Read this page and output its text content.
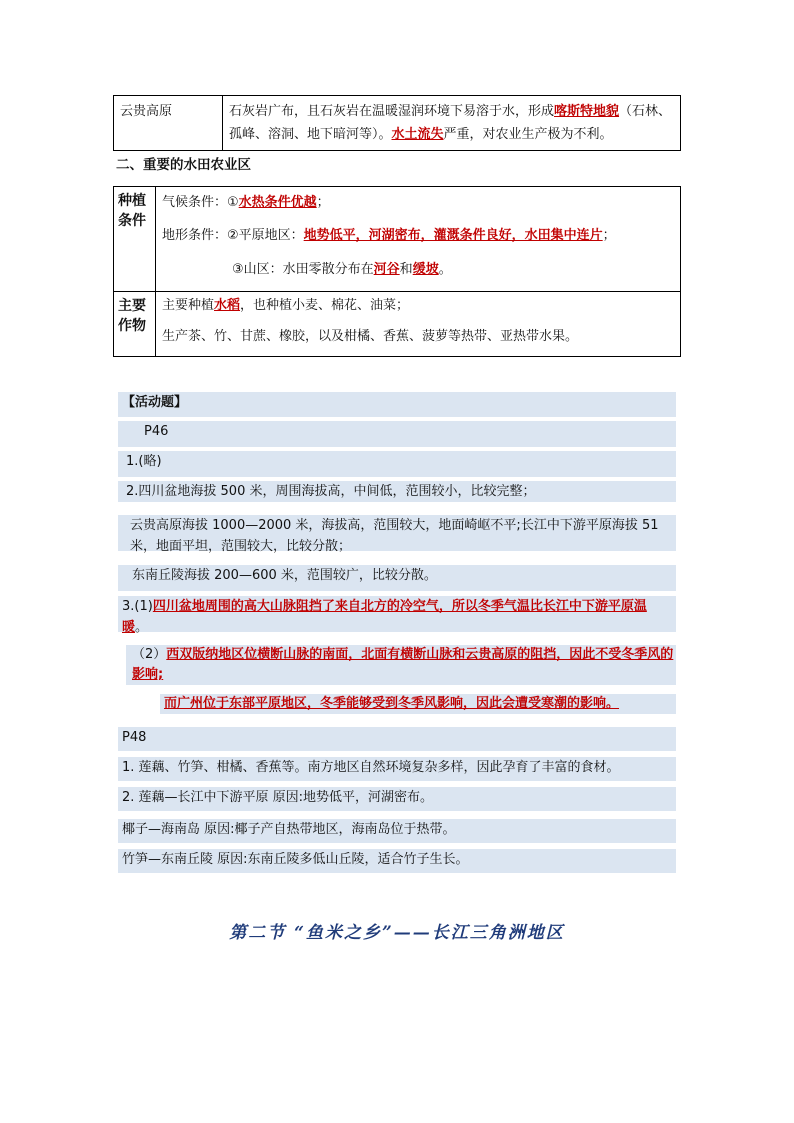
云贵高原	石灰岩广布，且石灰岩在温暖湿润环境下易溶于水，形成喀斯特地貌（石林、孤峰、溶洞、地下暗河等）。水土流失严重，对农业生产极为不利。
二、重要的水田农业区
种植条件	气候条件：①水热条件优越；

地形条件：②平原地区：地势低平，河湖密布，灌溉条件良好，水田集中连片；

③山区：水田零散分布在河谷和缓坡。

主要作物	主要种植水稻，也种植小麦、棉花、油菜；

生产茶、竹、甘蔗、橡胶，以及柑橘、香蕉、菠萝等热带、亚热带水果。

【活动题】
P46
1.(略)
2.四川盆地海拔 500 米，周围海拔高，中间低，范围较小，比较完整；
云贵高原海拔 1000—2000 米，海拔高，范围较大，地面崎岖不平;长江中下游平原海拔 51 米，地面平坦，范围较大，比较分散；
东南丘陵海拔 200—600 米，范围较广，比较分散。
3.(1)四川盆地周围的高大山脉阻挡了来自北方的冷空气，所以冬季气温比长江中下游平原温暖。
（2）西双版纳地区位横断山脉的南面，北面有横断山脉和云贵高原的阻挡，因此不受冬季风的影响;
而广州位于东部平原地区，冬季能够受到冬季风影响，因此会遭受寒潮的影响。
P48
1. 莲藕、竹笋、柑橘、香蕉等。南方地区自然环境复杂多样，因此孕育了丰富的食材。
2. 莲藕—长江中下游平原 原因:地势低平，河湖密布。
椰子—海南岛 原因:椰子产自热带地区，海南岛位于热带。
竹笋—东南丘陵 原因:东南丘陵多低山丘陵，适合竹子生长。
第二节 “鱼米之乡”——长江三角洲地区
